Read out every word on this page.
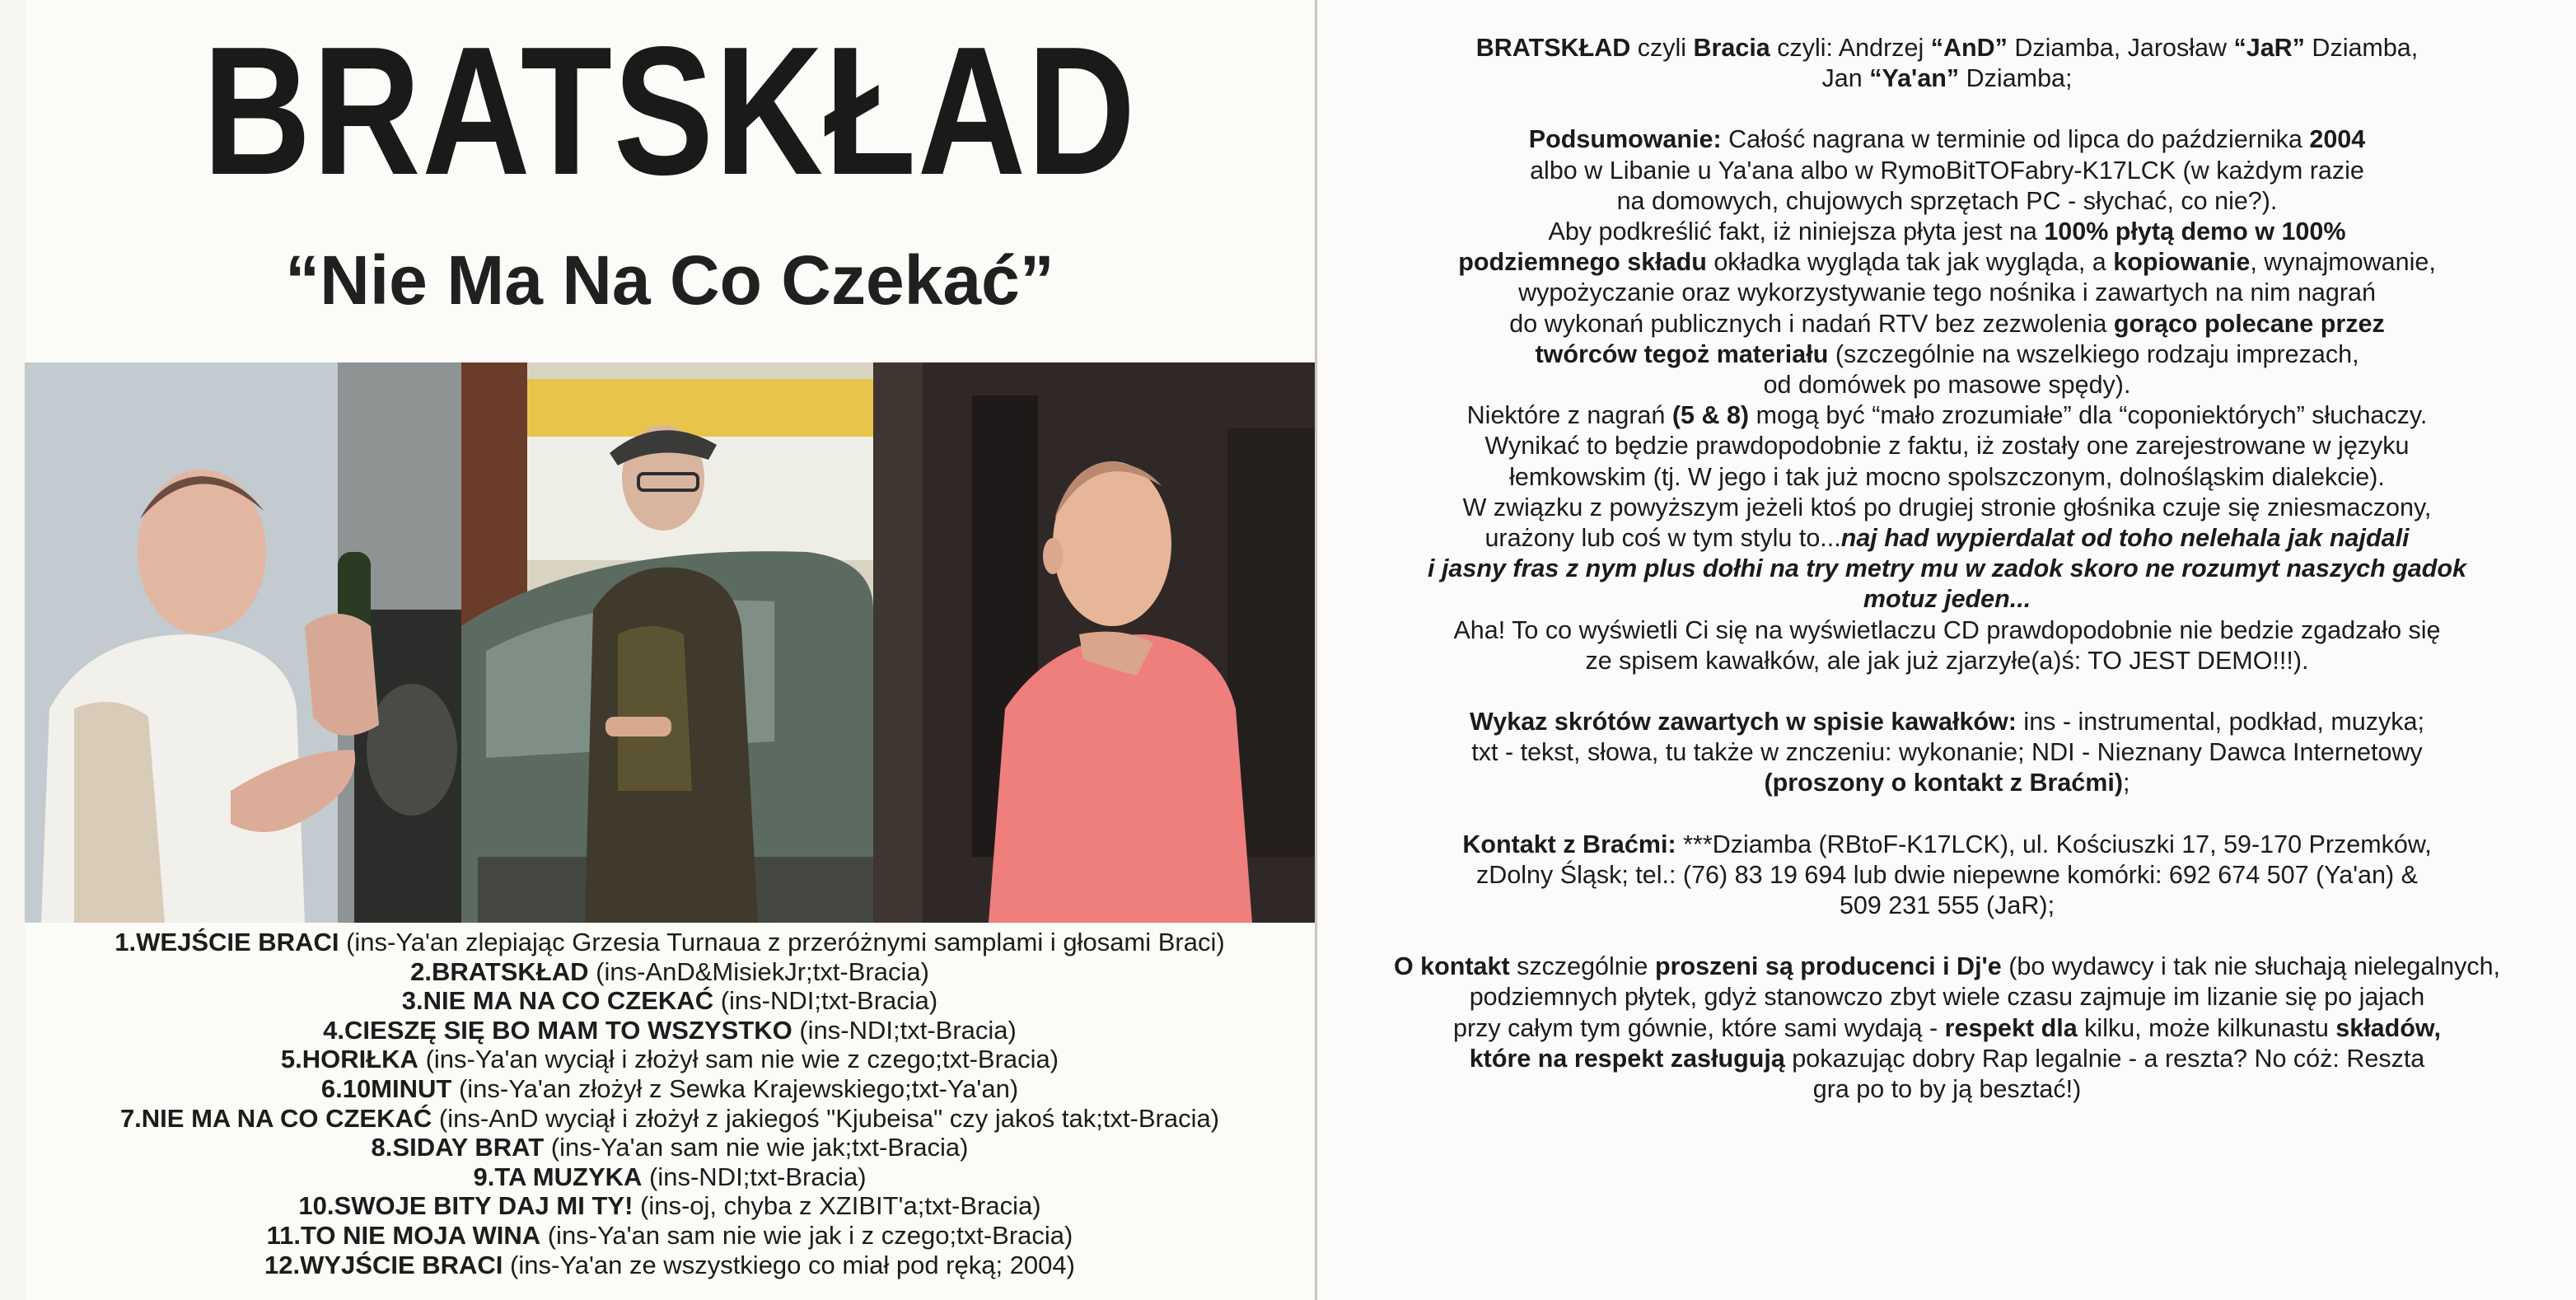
BRATSKŁAD
“Nie Ma Na Co Czekać”
1.WEJŚCIE BRACI (ins-Ya'an zlepiając Grzesia Turnaua z przeróżnymi samplami i głosami Braci)
2.BRATSKŁAD (ins-AnD&MisiekJr;txt-Bracia)
3.NIE MA NA CO CZEKAĆ (ins-NDI;txt-Bracia)
4.CIESZĘ SIĘ BO MAM TO WSZYSTKO (ins-NDI;txt-Bracia)
5.HORIŁKA (ins-Ya'an wyciął i złożył sam nie wie z czego;txt-Bracia)
6.10MINUT (ins-Ya'an złożył z Sewka Krajewskiego;txt-Ya'an)
7.NIE MA NA CO CZEKAĆ (ins-AnD wyciął i złożył z jakiegoś "Kjubeisa" czy jakoś tak;txt-Bracia)
8.SIDAY BRAT (ins-Ya'an sam nie wie jak;txt-Bracia)
9.TA MUZYKA (ins-NDI;txt-Bracia)
10.SWOJE BITY DAJ MI TY! (ins-oj, chyba z XZIBIT'a;txt-Bracia)
11.TO NIE MOJA WINA (ins-Ya'an sam nie wie jak i z czego;txt-Bracia)
12.WYJŚCIE BRACI (ins-Ya'an ze wszystkiego co miał pod ręką; 2004)
BRATSKŁAD czyli Bracia czyli: Andrzej “AnD” Dziamba, Jarosław “JaR” Dziamba,
Jan “Ya'an” Dziamba;
Podsumowanie: Całość nagrana w terminie od lipca do października 2004
albo w Libanie u Ya'ana albo w RymoBitTOFabry-K17LCK (w każdym razie
na domowych, chujowych sprzętach PC - słychać, co nie?).
Aby podkreślić fakt, iż niniejsza płyta jest na 100% płytą demo w 100%
podziemnego składu okładka wygląda tak jak wygląda, a kopiowanie, wynajmowanie,
wypożyczanie oraz wykorzystywanie tego nośnika i zawartych na nim nagrań
do wykonań publicznych i nadań RTV bez zezwolenia gorąco polecane przez
twórców tegoż materiału (szczególnie na wszelkiego rodzaju imprezach,
od domówek po masowe spędy).
Niektóre z nagrań (5 & 8) mogą być “mało zrozumiałe” dla “coponiektórych” słuchaczy.
Wynikać to będzie prawdopodobnie z faktu, iż zostały one zarejestrowane w języku
łemkowskim (tj. W jego i tak już mocno spolszczonym, dolnośląskim dialekcie).
W związku z powyższym jeżeli ktoś po drugiej stronie głośnika czuje się zniesmaczony,
urażony lub coś w tym stylu to...naj had wypierdalat od toho nelehala jak najdali
i jasny fras z nym plus dołhi na try metry mu w zadok skoro ne rozumyt naszych gadok
motuz jeden...
Aha! To co wyświetli Ci się na wyświetlaczu CD prawdopodobnie nie bedzie zgadzało się
ze spisem kawałków, ale jak już zjarzyłe(a)ś: TO JEST DEMO!!!).
Wykaz skrótów zawartych w spisie kawałków: ins - instrumental, podkład, muzyka;
txt - tekst, słowa, tu także w znczeniu: wykonanie; NDI - Nieznany Dawca Internetowy
(proszony o kontakt z Braćmi);
Kontakt z Braćmi: ***Dziamba (RBtoF-K17LCK), ul. Kościuszki 17, 59-170 Przemków,
zDolny Śląsk; tel.: (76) 83 19 694 lub dwie niepewne komórki: 692 674 507 (Ya'an) &
509 231 555 (JaR);
O kontakt szczególnie proszeni są producenci i Dj'e (bo wydawcy i tak nie słuchają nielegalnych,
podziemnych płytek, gdyż stanowczo zbyt wiele czasu zajmuje im lizanie się po jajach
przy całym tym gównie, które sami wydają - respekt dla kilku, może kilkunastu składów,
które na respekt zasługują pokazując dobry Rap legalnie - a reszta? No cóż: Reszta
gra po to by ją besztać!)
